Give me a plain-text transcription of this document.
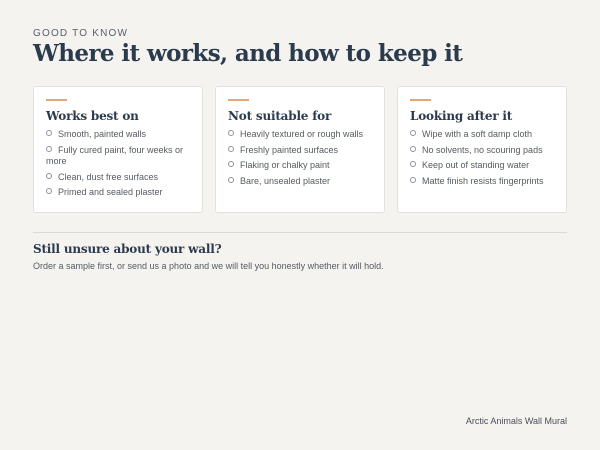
GOOD TO KNOW
Where it works, and how to keep it
Works best on
Smooth, painted walls
Fully cured paint, four weeks or more
Clean, dust free surfaces
Primed and sealed plaster
Not suitable for
Heavily textured or rough walls
Freshly painted surfaces
Flaking or chalky paint
Bare, unsealed plaster
Looking after it
Wipe with a soft damp cloth
No solvents, no scouring pads
Keep out of standing water
Matte finish resists fingerprints
Still unsure about your wall?

Order a sample first, or send us a photo and we will tell you honestly whether it will hold.

Arctic Animals Wall Mural
